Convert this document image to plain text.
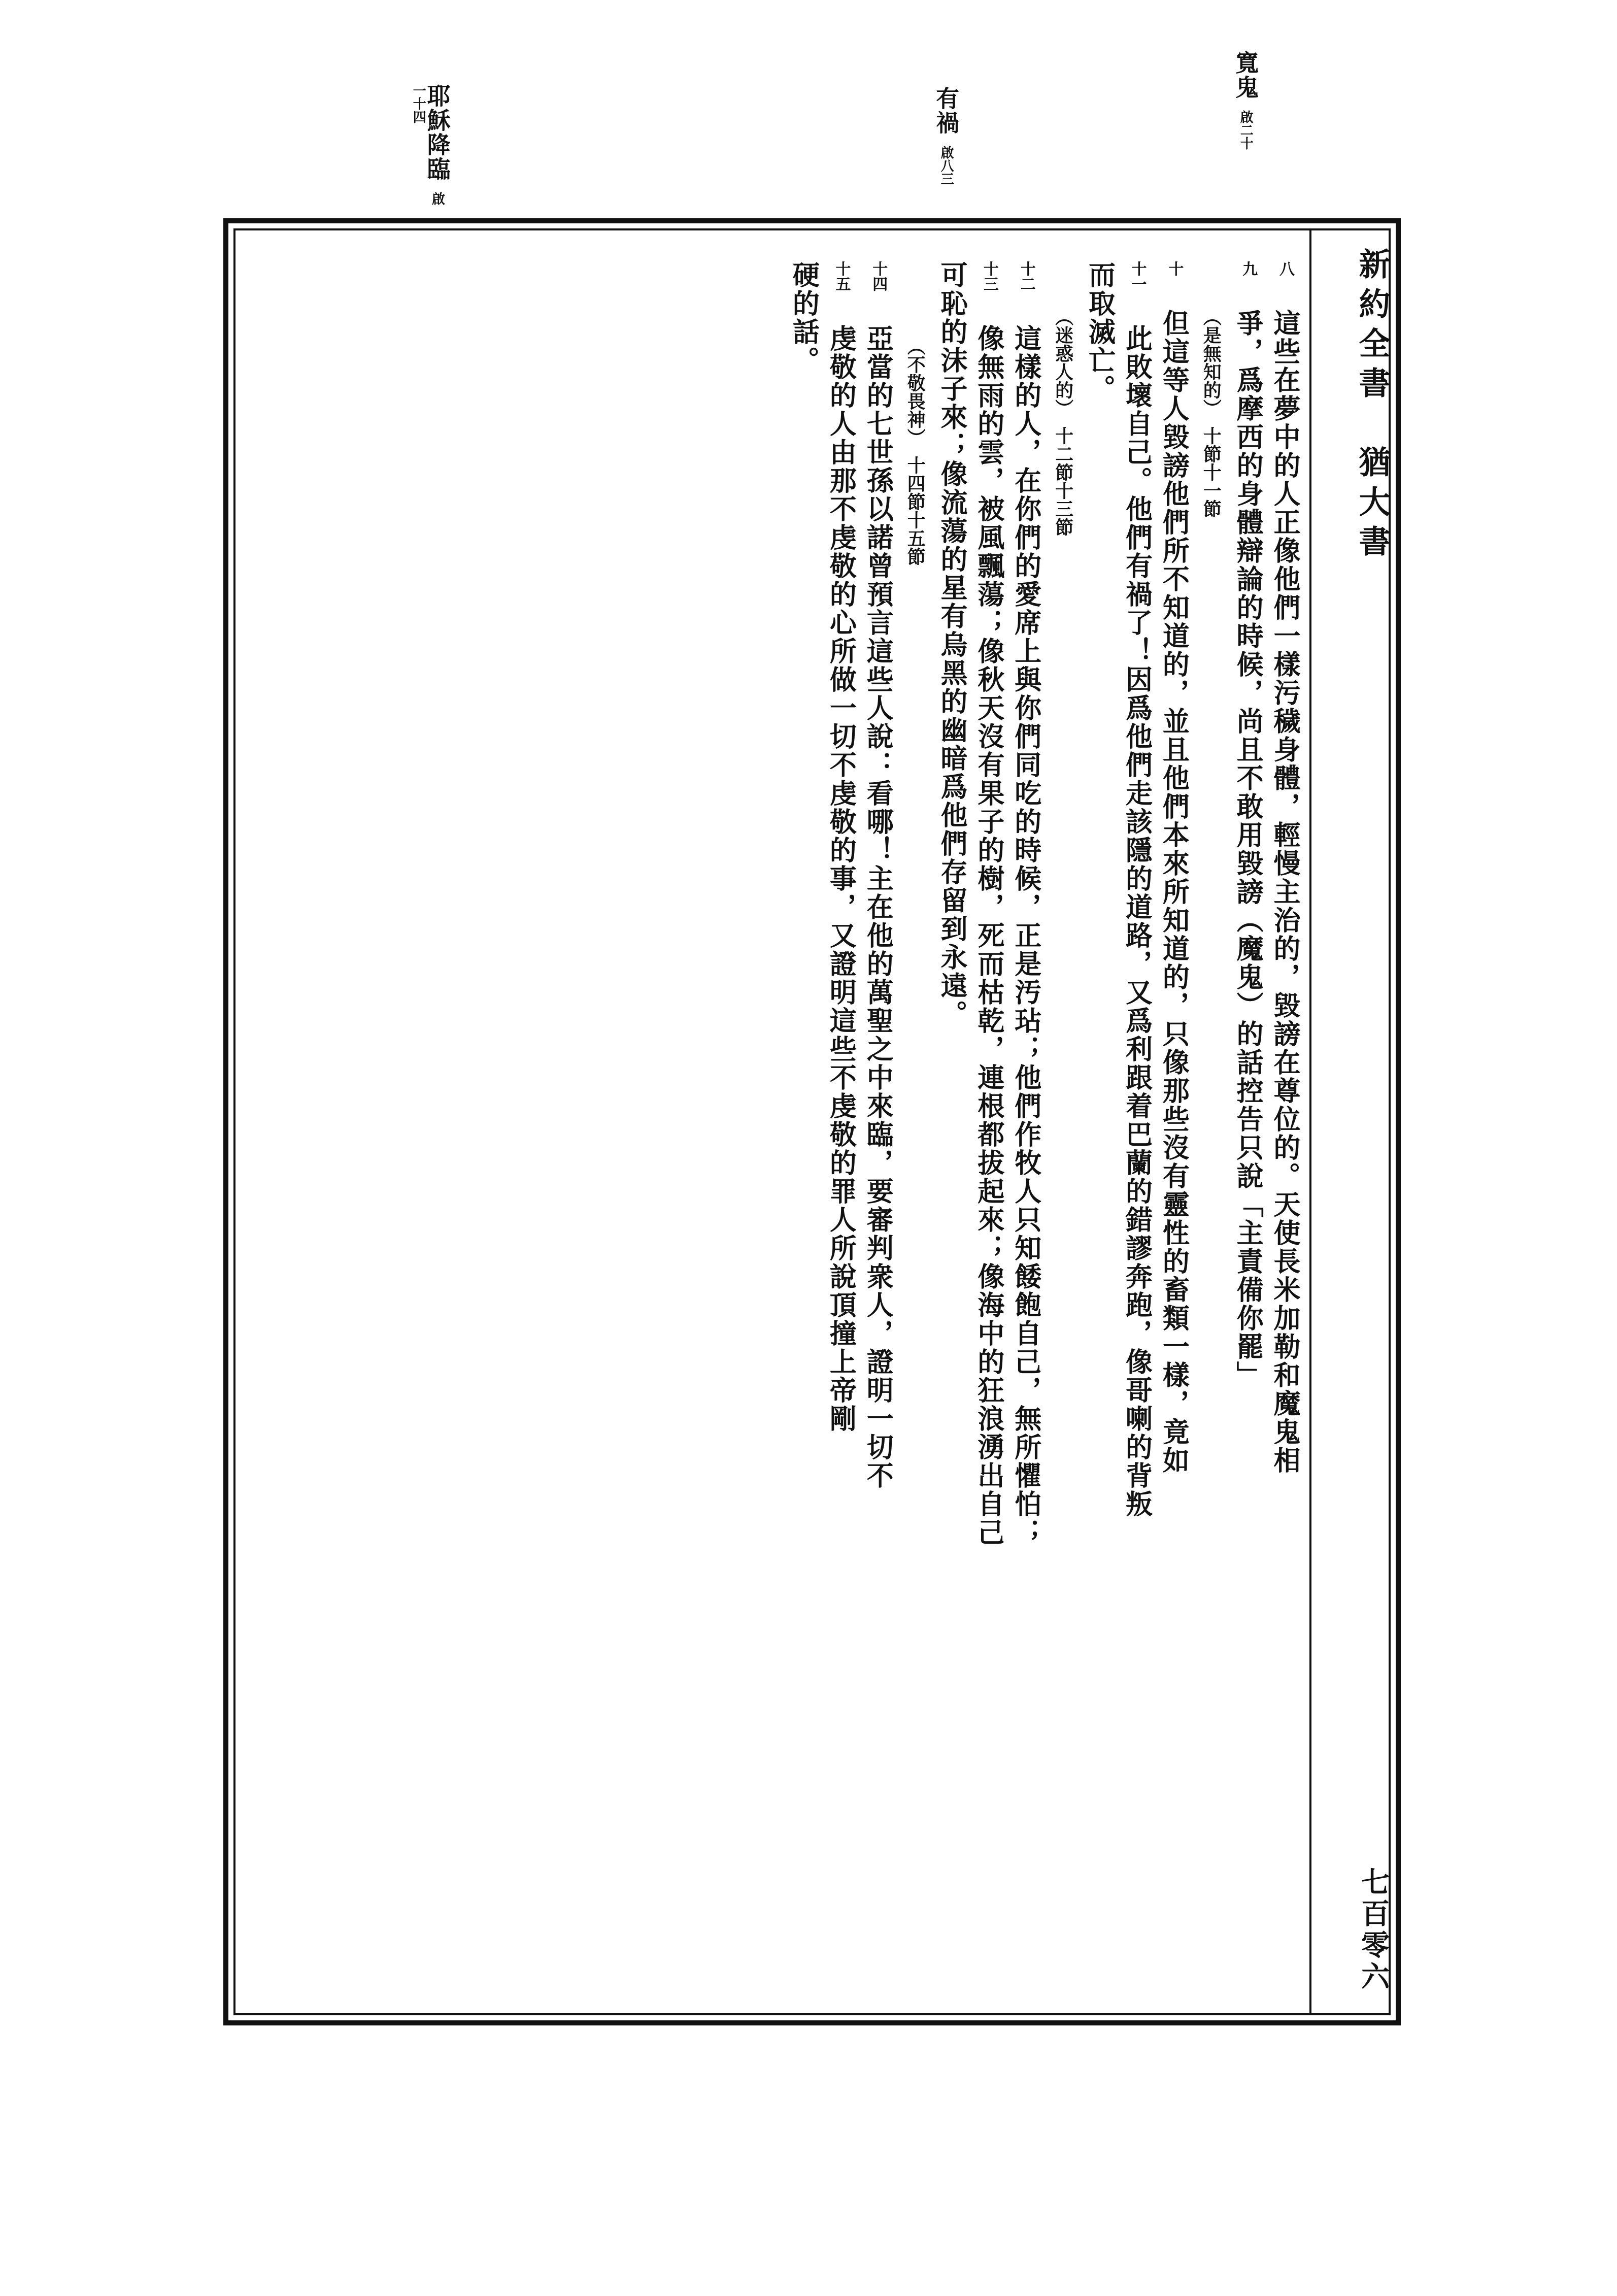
寬鬼 啟二十
有禍 啟八三
耶穌降臨 啟一十四
新約全書　猶大書
七百零六
八 這些在夢中的人正像他們一樣污穢身體，輕慢主治的，毀謗在尊位的。天使長米加勒和魔鬼相
九 爭，爲摩西的身體辯論的時候，尚且不敢用毀謗（魔鬼）的話控告只說「主責備你罷」
（是無知的）　十節十一節
十 但這等人毀謗他們所不知道的，並且他們本來所知道的，只像那些沒有靈性的畜類一樣，竟如
十一 此敗壞自己。他們有禍了！因爲他們走該隱的道路，又爲利跟着巴蘭的錯謬奔跑，像哥喇的背叛
而取滅亡。
（迷惑人的）　十二節十三節
十二 這樣的人，在你們的愛席上與你們同吃的時候，正是汚玷；他們作牧人只知餧飽自己，無所懼怕；
十三 像無雨的雲，被風飄蕩；像秋天沒有果子的樹，死而枯乾，連根都拔起來；像海中的狂浪湧出自己
可恥的沫子來；像流蕩的星有烏黑的幽暗爲他們存留到永遠。
（不敬畏神）　十四節十五節
十四 亞當的七世孫以諾曾預言這些人說：看哪！主在他的萬聖之中來臨，要審判衆人，證明一切不
十五 虔敬的人由那不虔敬的心所做一切不虔敬的事，又證明這些不虔敬的罪人所說頂撞上帝剛
硬的話。
